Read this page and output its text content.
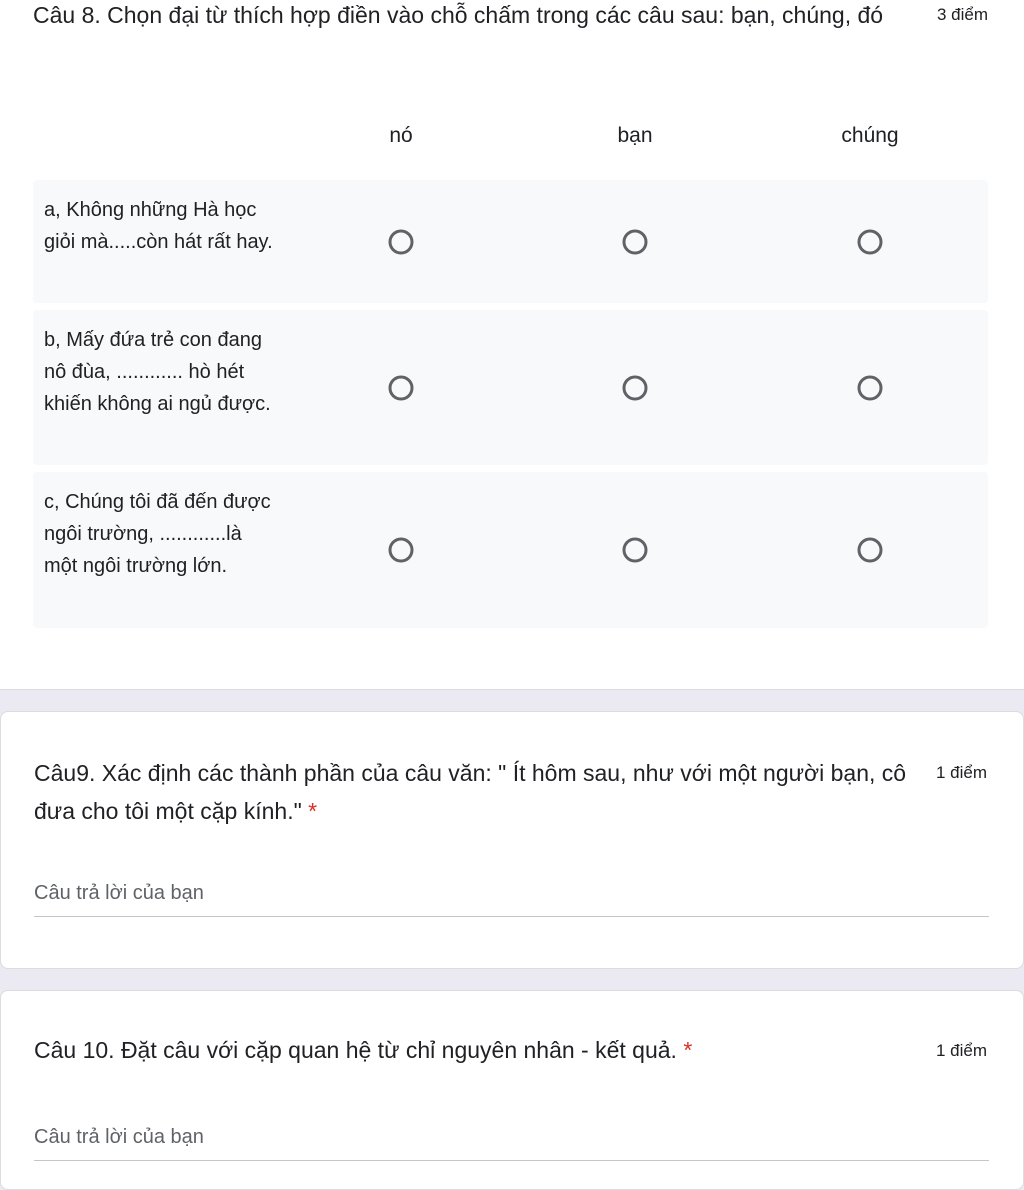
Câu 8. Chọn đại từ thích hợp điền vào chỗ chấm trong các câu sau: bạn, chúng, đó	3 điểm
nó	bạn	chúng
a, Không những Hà học giỏi mà.....còn hát rất hay.
b, Mấy đứa trẻ con đang nô đùa, ............ hò hét khiến không ai ngủ được.
c, Chúng tôi đã đến được ngôi trường, ............là một ngôi trường lớn.
Câu9. Xác định các thành phần của câu văn: " Ít hôm sau, như với một người bạn, cô đưa cho tôi một cặp kính." *
1 điểm
Câu trả lời của bạn
Câu 10. Đặt câu với cặp quan hệ từ chỉ nguyên nhân - kết quả. *	1 điểm
Câu trả lời của bạn
